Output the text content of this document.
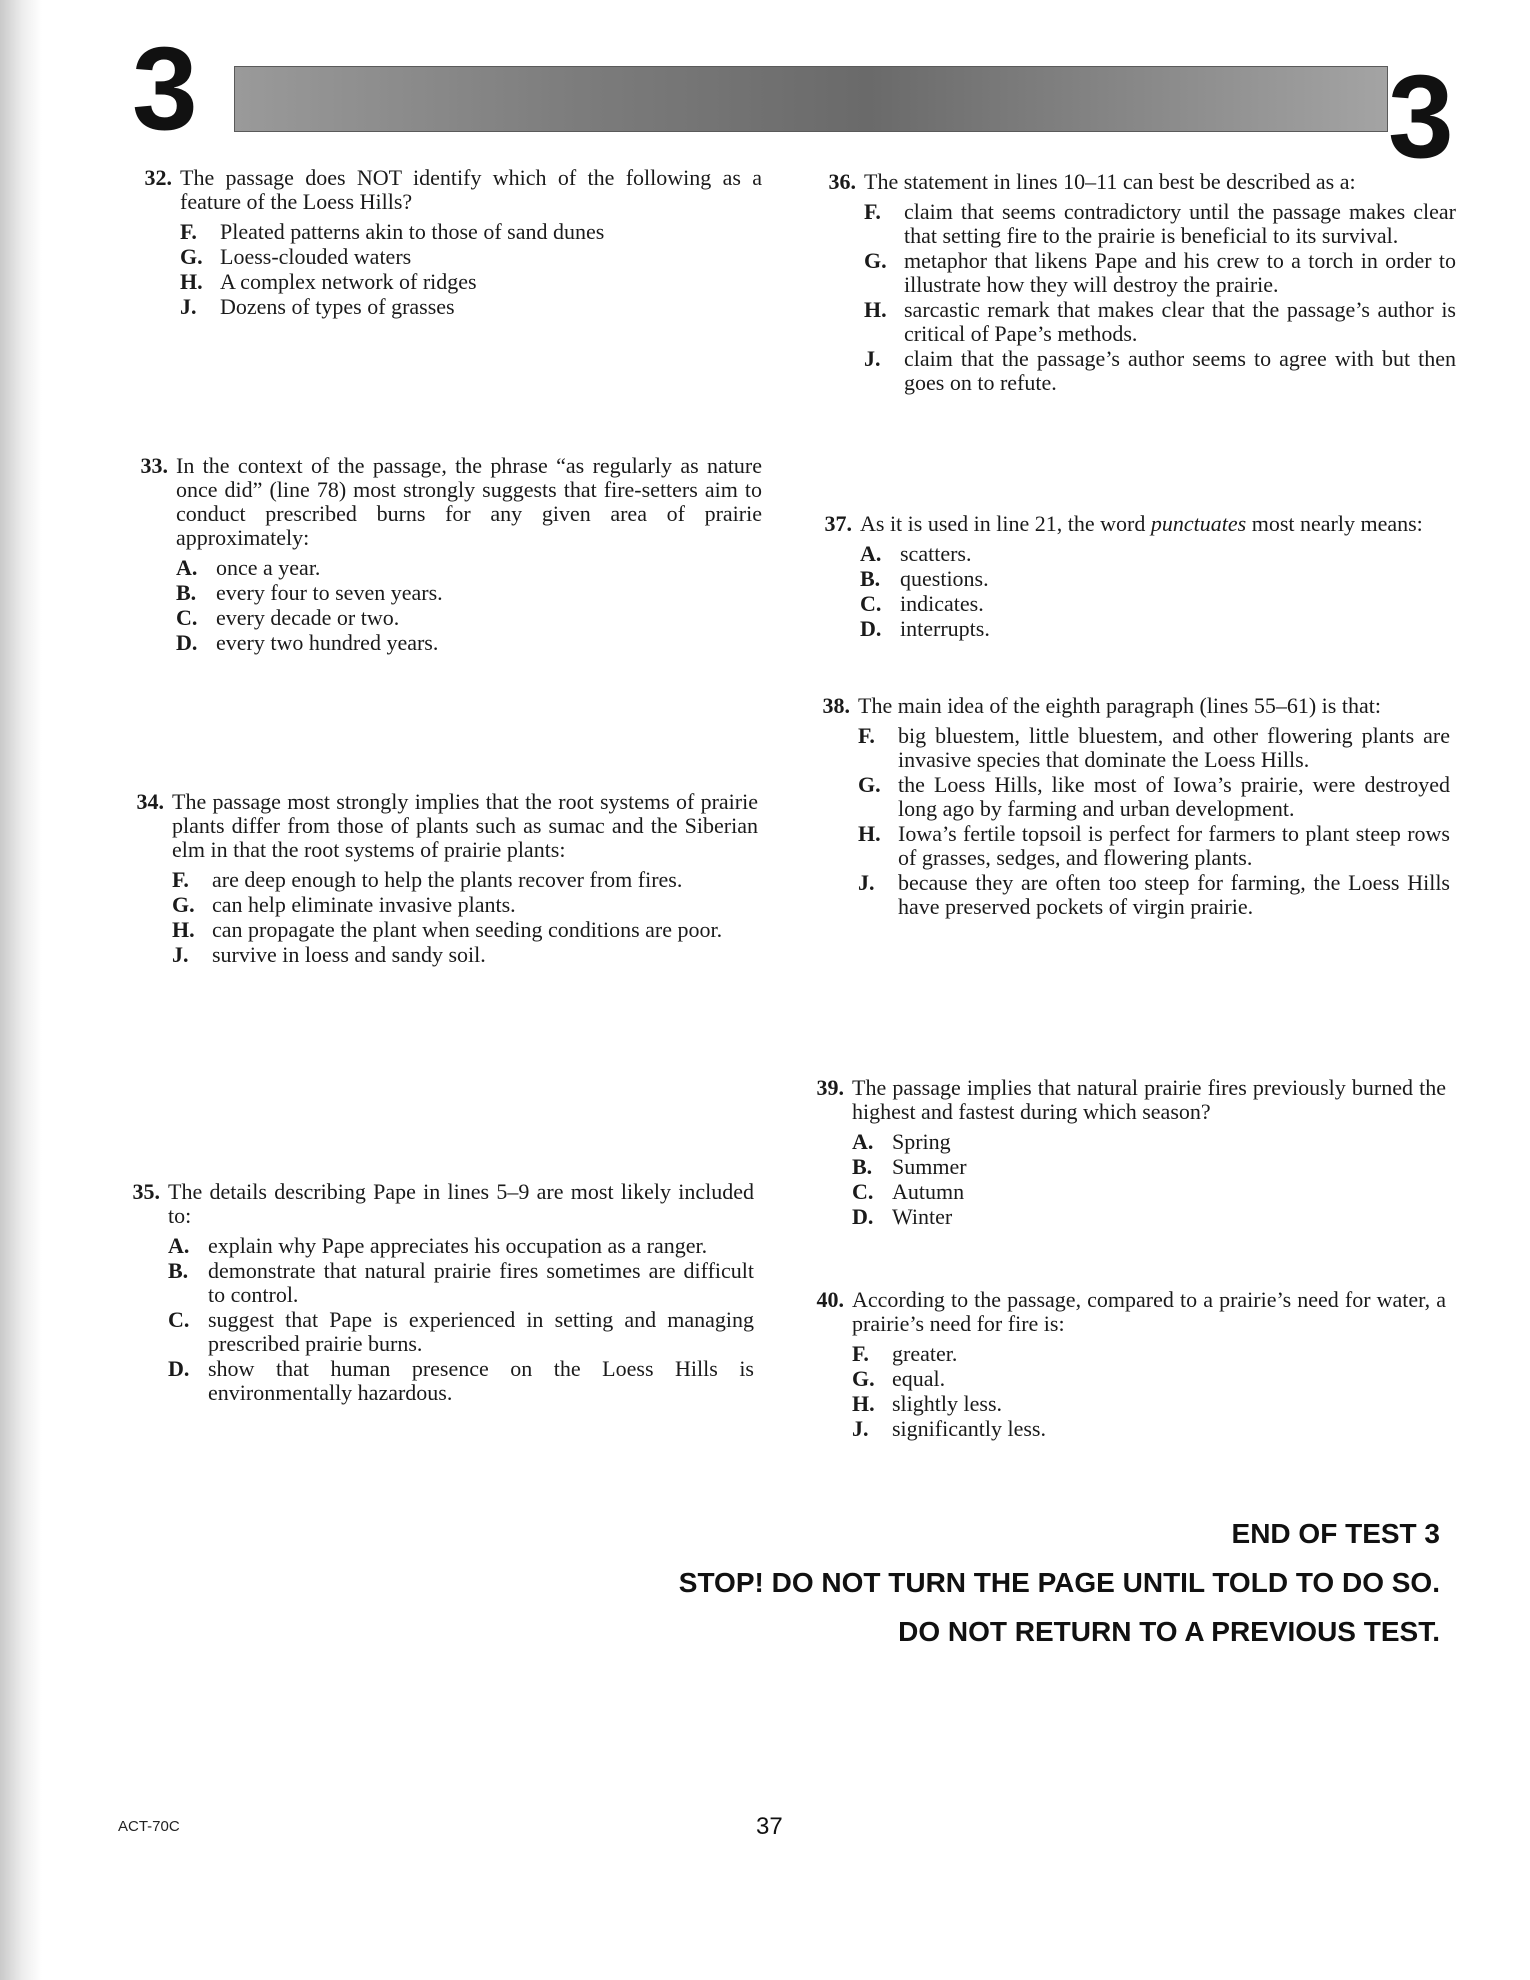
3	3
32. The passage does NOT identify which of the following as a feature of the Loess Hills?
F.	Pleated patterns akin to those of sand dunes
G. Loess-clouded waters
H. A complex network of ridges
J.	Dozens of types of grasses
33. In the context of the passage, the phrase “as regularly as nature once did” (line 78) most strongly suggests that fire-setters aim to conduct prescribed burns for any given area of prairie approximately:
A. once a year.
B. every four to seven years.
C. every decade or two.
D. every two hundred years.
34. The passage most strongly implies that the root systems of prairie plants differ from those of plants such as sumac and the Siberian elm in that the root systems of prairie plants:
F.	are deep enough to help the plants recover from fires.
G. can help eliminate invasive plants.
H. can propagate the plant when seeding conditions are poor.
J.	survive in loess and sandy soil.
35. The details describing Pape in lines 5–9 are most likely included to:
A. explain why Pape appreciates his occupation as a ranger.
B. demonstrate that natural prairie fires sometimes are difficult to control.
C. suggest that Pape is experienced in setting and managing prescribed prairie burns.
D. show that human presence on the Loess Hills is environmentally hazardous.
36. The statement in lines 10–11 can best be described as a:
F.	claim that seems contradictory until the passage makes clear that setting fire to the prairie is beneficial to its survival.
G. metaphor that likens Pape and his crew to a torch in order to illustrate how they will destroy the prairie.
H. sarcastic remark that makes clear that the passage’s author is critical of Pape’s methods.
J.	claim that the passage’s author seems to agree with but then goes on to refute.
37. As it is used in line 21, the word punctuates most nearly means:
A. scatters.
B. questions.
C. indicates.
D. interrupts.
38. The main idea of the eighth paragraph (lines 55–61) is that:
F.	big bluestem, little bluestem, and other flowering plants are invasive species that dominate the Loess Hills.
G. the Loess Hills, like most of Iowa’s prairie, were destroyed long ago by farming and urban development.
H. Iowa’s fertile topsoil is perfect for farmers to plant steep rows of grasses, sedges, and flowering plants.
J.	because they are often too steep for farming, the Loess Hills have preserved pockets of virgin prairie.
39. The passage implies that natural prairie fires previously burned the highest and fastest during which season?
A. Spring
B. Summer
C. Autumn
D. Winter
40. According to the passage, compared to a prairie’s need for water, a prairie’s need for fire is:
F.	greater.
G. equal.
H. slightly less.
J.	significantly less.
END OF TEST 3
STOP! DO NOT TURN THE PAGE UNTIL TOLD TO DO SO.
DO NOT RETURN TO A PREVIOUS TEST.
ACT-70C	37
